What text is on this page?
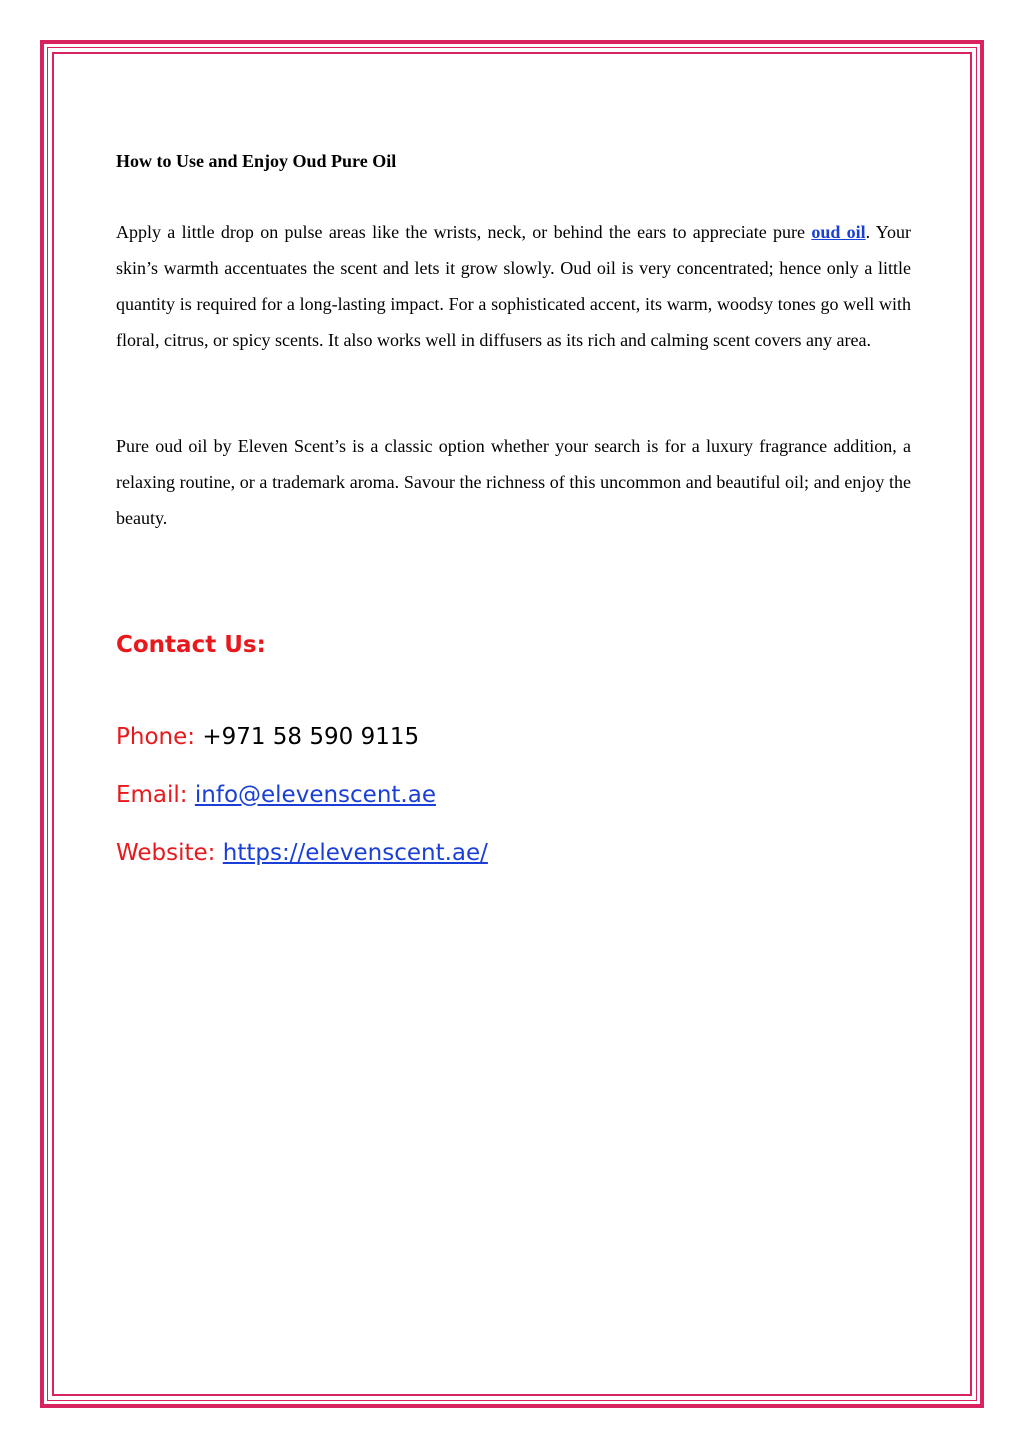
How to Use and Enjoy Oud Pure Oil

Apply a little drop on pulse areas like the wrists, neck, or behind the ears to appreciate pure oud oil. Your skin’s warmth accentuates the scent and lets it grow slowly. Oud oil is very concentrated; hence only a little quantity is required for a long-lasting impact. For a sophisticated accent, its warm, woodsy tones go well with floral, citrus, or spicy scents. It also works well in diffusers as its rich and calming scent covers any area.

Pure oud oil by Eleven Scent’s is a classic option whether your search is for a luxury fragrance addition, a relaxing routine, or a trademark aroma. Savour the richness of this uncommon and beautiful oil; and enjoy the beauty.

Contact Us:

Phone: +971 58 590 9115

Email: info@elevenscent.ae

Website: https://elevenscent.ae/
